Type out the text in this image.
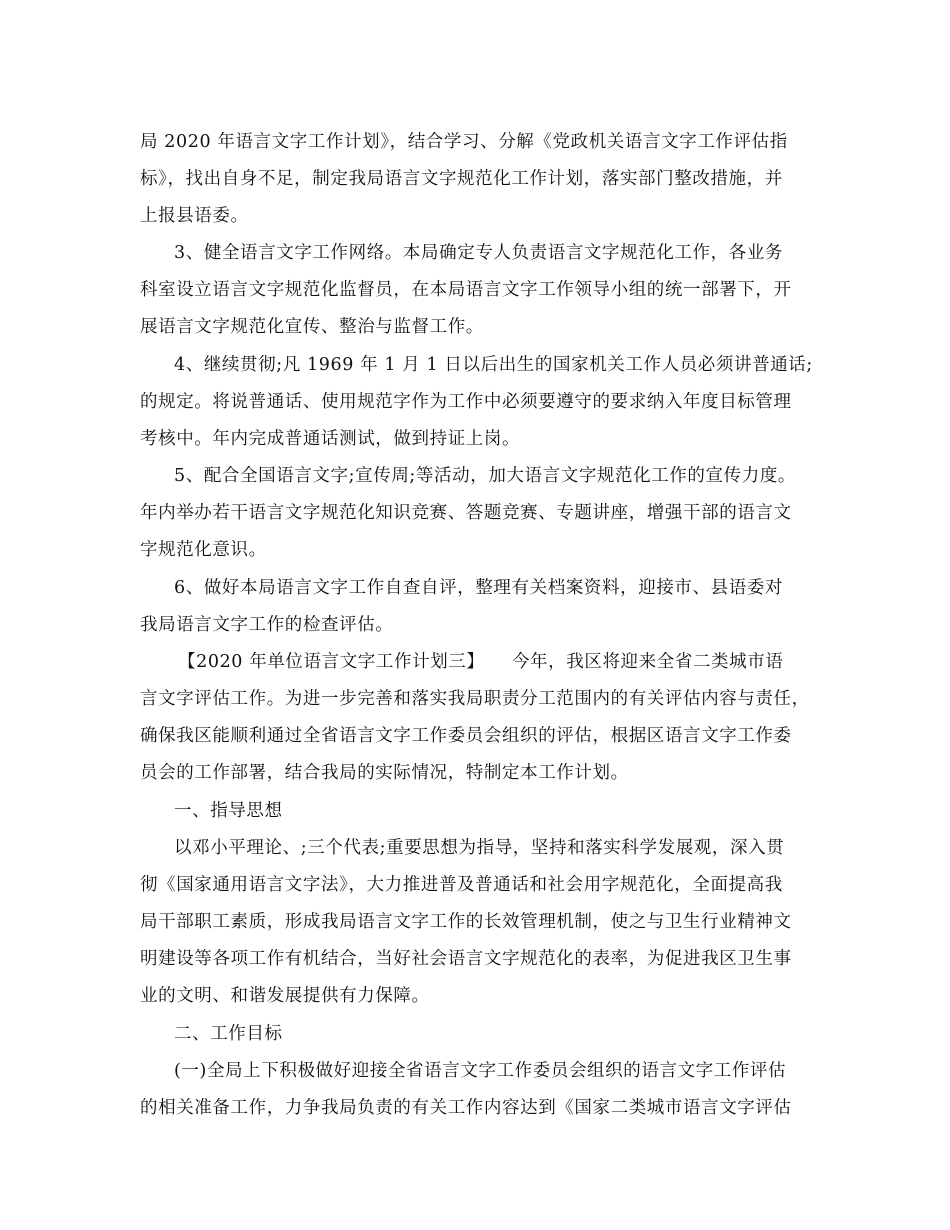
局 2020 年语言文字工作计划》，结合学习、分解《党政机关语言文字工作评估指
标》，找出自身不足，制定我局语言文字规范化工作计划，落实部门整改措施，并
上报县语委。
3、健全语言文字工作网络。本局确定专人负责语言文字规范化工作，各业务
科室设立语言文字规范化监督员，在本局语言文字工作领导小组的统一部署下，开
展语言文字规范化宣传、整治与监督工作。
4、继续贯彻;凡 1969 年 1 月 1 日以后出生的国家机关工作人员必须讲普通话;
的规定。将说普通话、使用规范字作为工作中必须要遵守的要求纳入年度目标管理
考核中。年内完成普通话测试，做到持证上岗。
5、配合全国语言文字;宣传周;等活动，加大语言文字规范化工作的宣传力度。
年内举办若干语言文字规范化知识竞赛、答题竞赛、专题讲座，增强干部的语言文
字规范化意识。
6、做好本局语言文字工作自查自评，整理有关档案资料，迎接市、县语委对
我局语言文字工作的检查评估。
【2020 年单位语言文字工作计划三】　　今年，我区将迎来全省二类城市语
言文字评估工作。为进一步完善和落实我局职责分工范围内的有关评估内容与责任，
确保我区能顺利通过全省语言文字工作委员会组织的评估，根据区语言文字工作委
员会的工作部署，结合我局的实际情况，特制定本工作计划。
一、指导思想
以邓小平理论、;三个代表;重要思想为指导，坚持和落实科学发展观，深入贯
彻《国家通用语言文字法》，大力推进普及普通话和社会用字规范化，全面提高我
局干部职工素质，形成我局语言文字工作的长效管理机制，使之与卫生行业精神文
明建设等各项工作有机结合，当好社会语言文字规范化的表率，为促进我区卫生事
业的文明、和谐发展提供有力保障。
二、工作目标
(一)全局上下积极做好迎接全省语言文字工作委员会组织的语言文字工作评估
的相关准备工作，力争我局负责的有关工作内容达到《国家二类城市语言文字评估
